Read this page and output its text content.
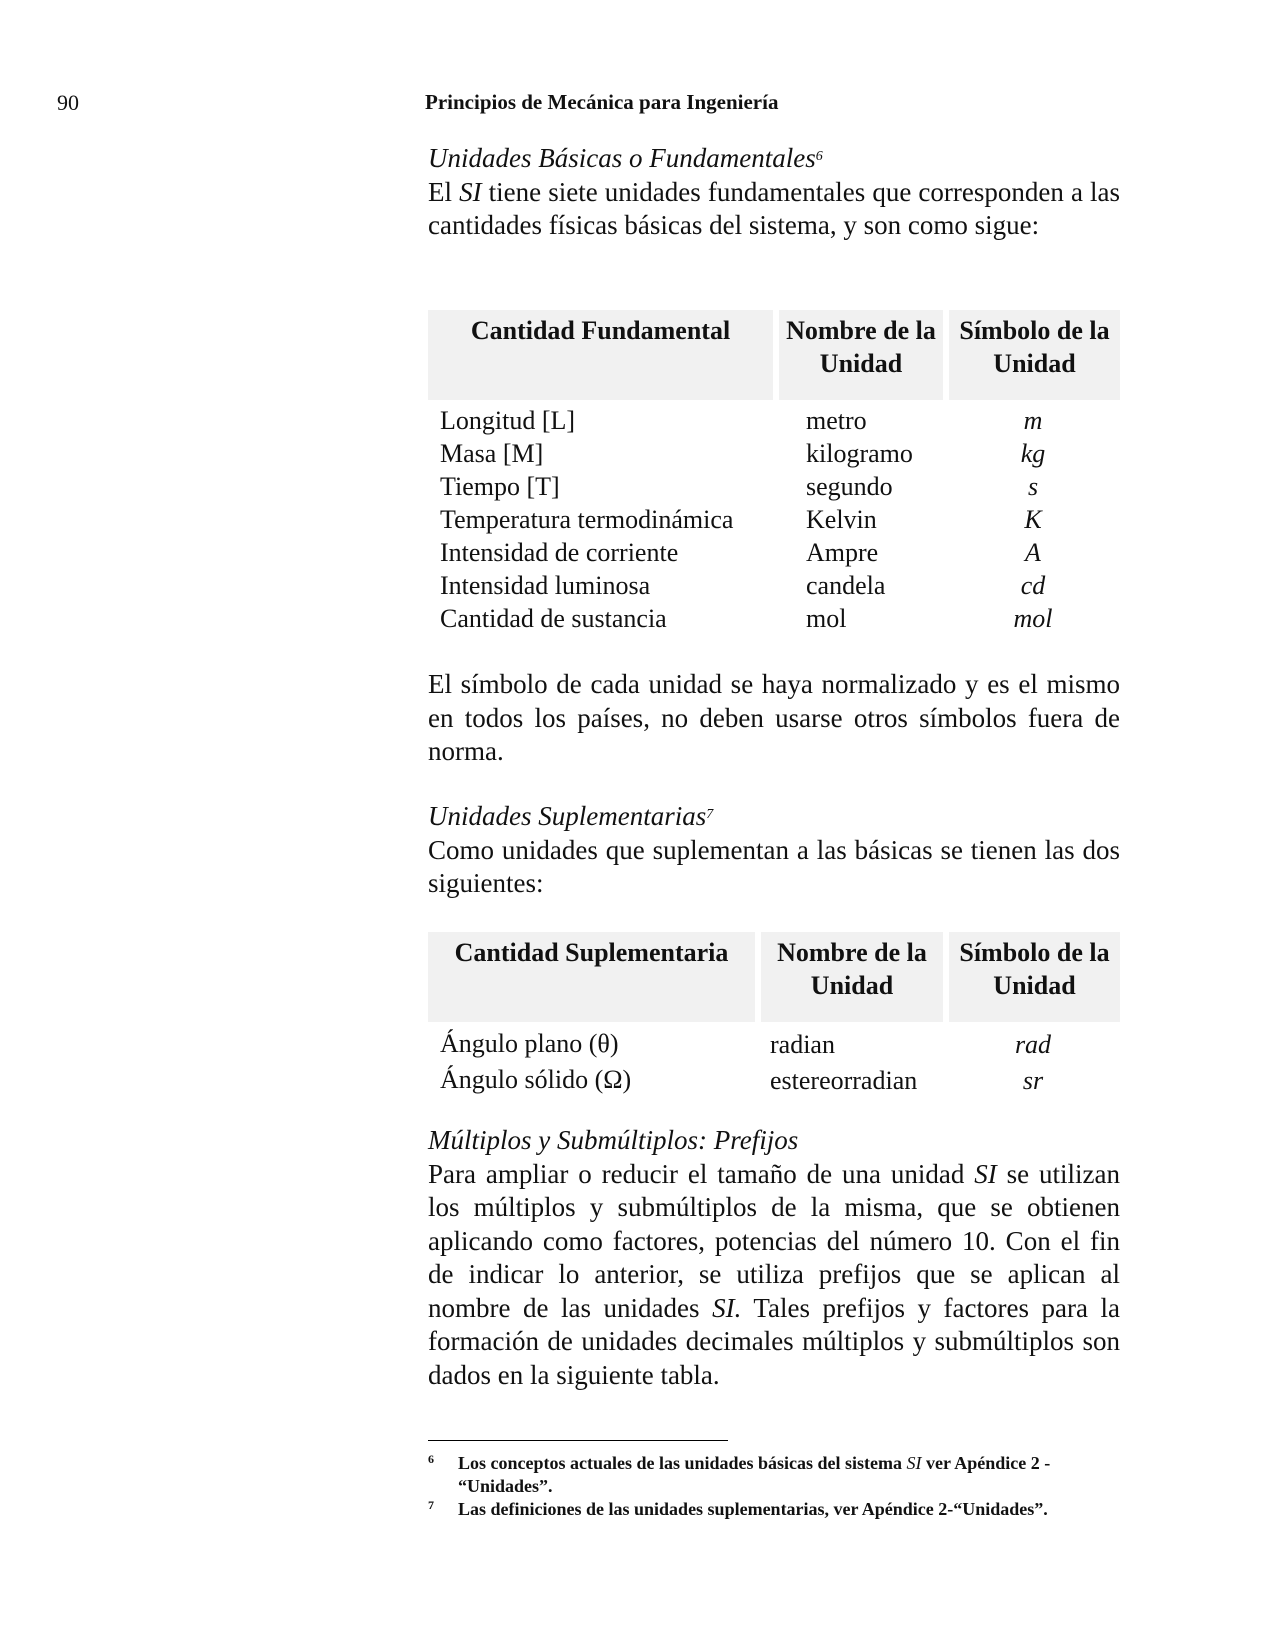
90	Principios de Mecánica para Ingeniería

Unidades Básicas o Fundamentales$^6$

El SI tiene siete unidades fundamentales que corresponden a las cantidades físicas básicas del sistema, y son como sigue:

Cantidad Fundamental	Nombre de la Unidad	Símbolo de la Unidad
Longitud [L]	metro	m
Masa [M]	kilogramo	kg
Tiempo [T]	segundo	s
Temperatura termodinámica	Kelvin	K
Intensidad de corriente	Ampre	A
Intensidad luminosa	candela	cd
Cantidad de sustancia	mol	mol

El símbolo de cada unidad se haya normalizado y es el mismo en todos los países, no deben usarse otros símbolos fuera de norma.

Unidades Suplementarias$^7$

Como unidades que suplementan a las básicas se tienen las dos siguientes:

Cantidad Suplementaria	Nombre de la Unidad	Símbolo de la Unidad
Ángulo plano (θ)	radian	rad
Ángulo sólido (Ω)	estereorradian	sr

Múltiplos y Submúltiplos: Prefijos

Para ampliar o reducir el tamaño de una unidad SI se utilizan los múltiplos y submúltiplos de la misma, que se obtienen aplicando como factores, potencias del número 10. Con el fin de indicar lo anterior, se utiliza prefijos que se aplican al nombre de las unidades SI. Tales prefijos y factores para la formación de unidades decimales múltiplos y submúltiplos son dados en la siguiente tabla.

6 Los conceptos actuales de las unidades básicas del sistema SI ver Apéndice 2 - “Unidades”.
7 Las definiciones de las unidades suplementarias, ver Apéndice 2-“Unidades”.
